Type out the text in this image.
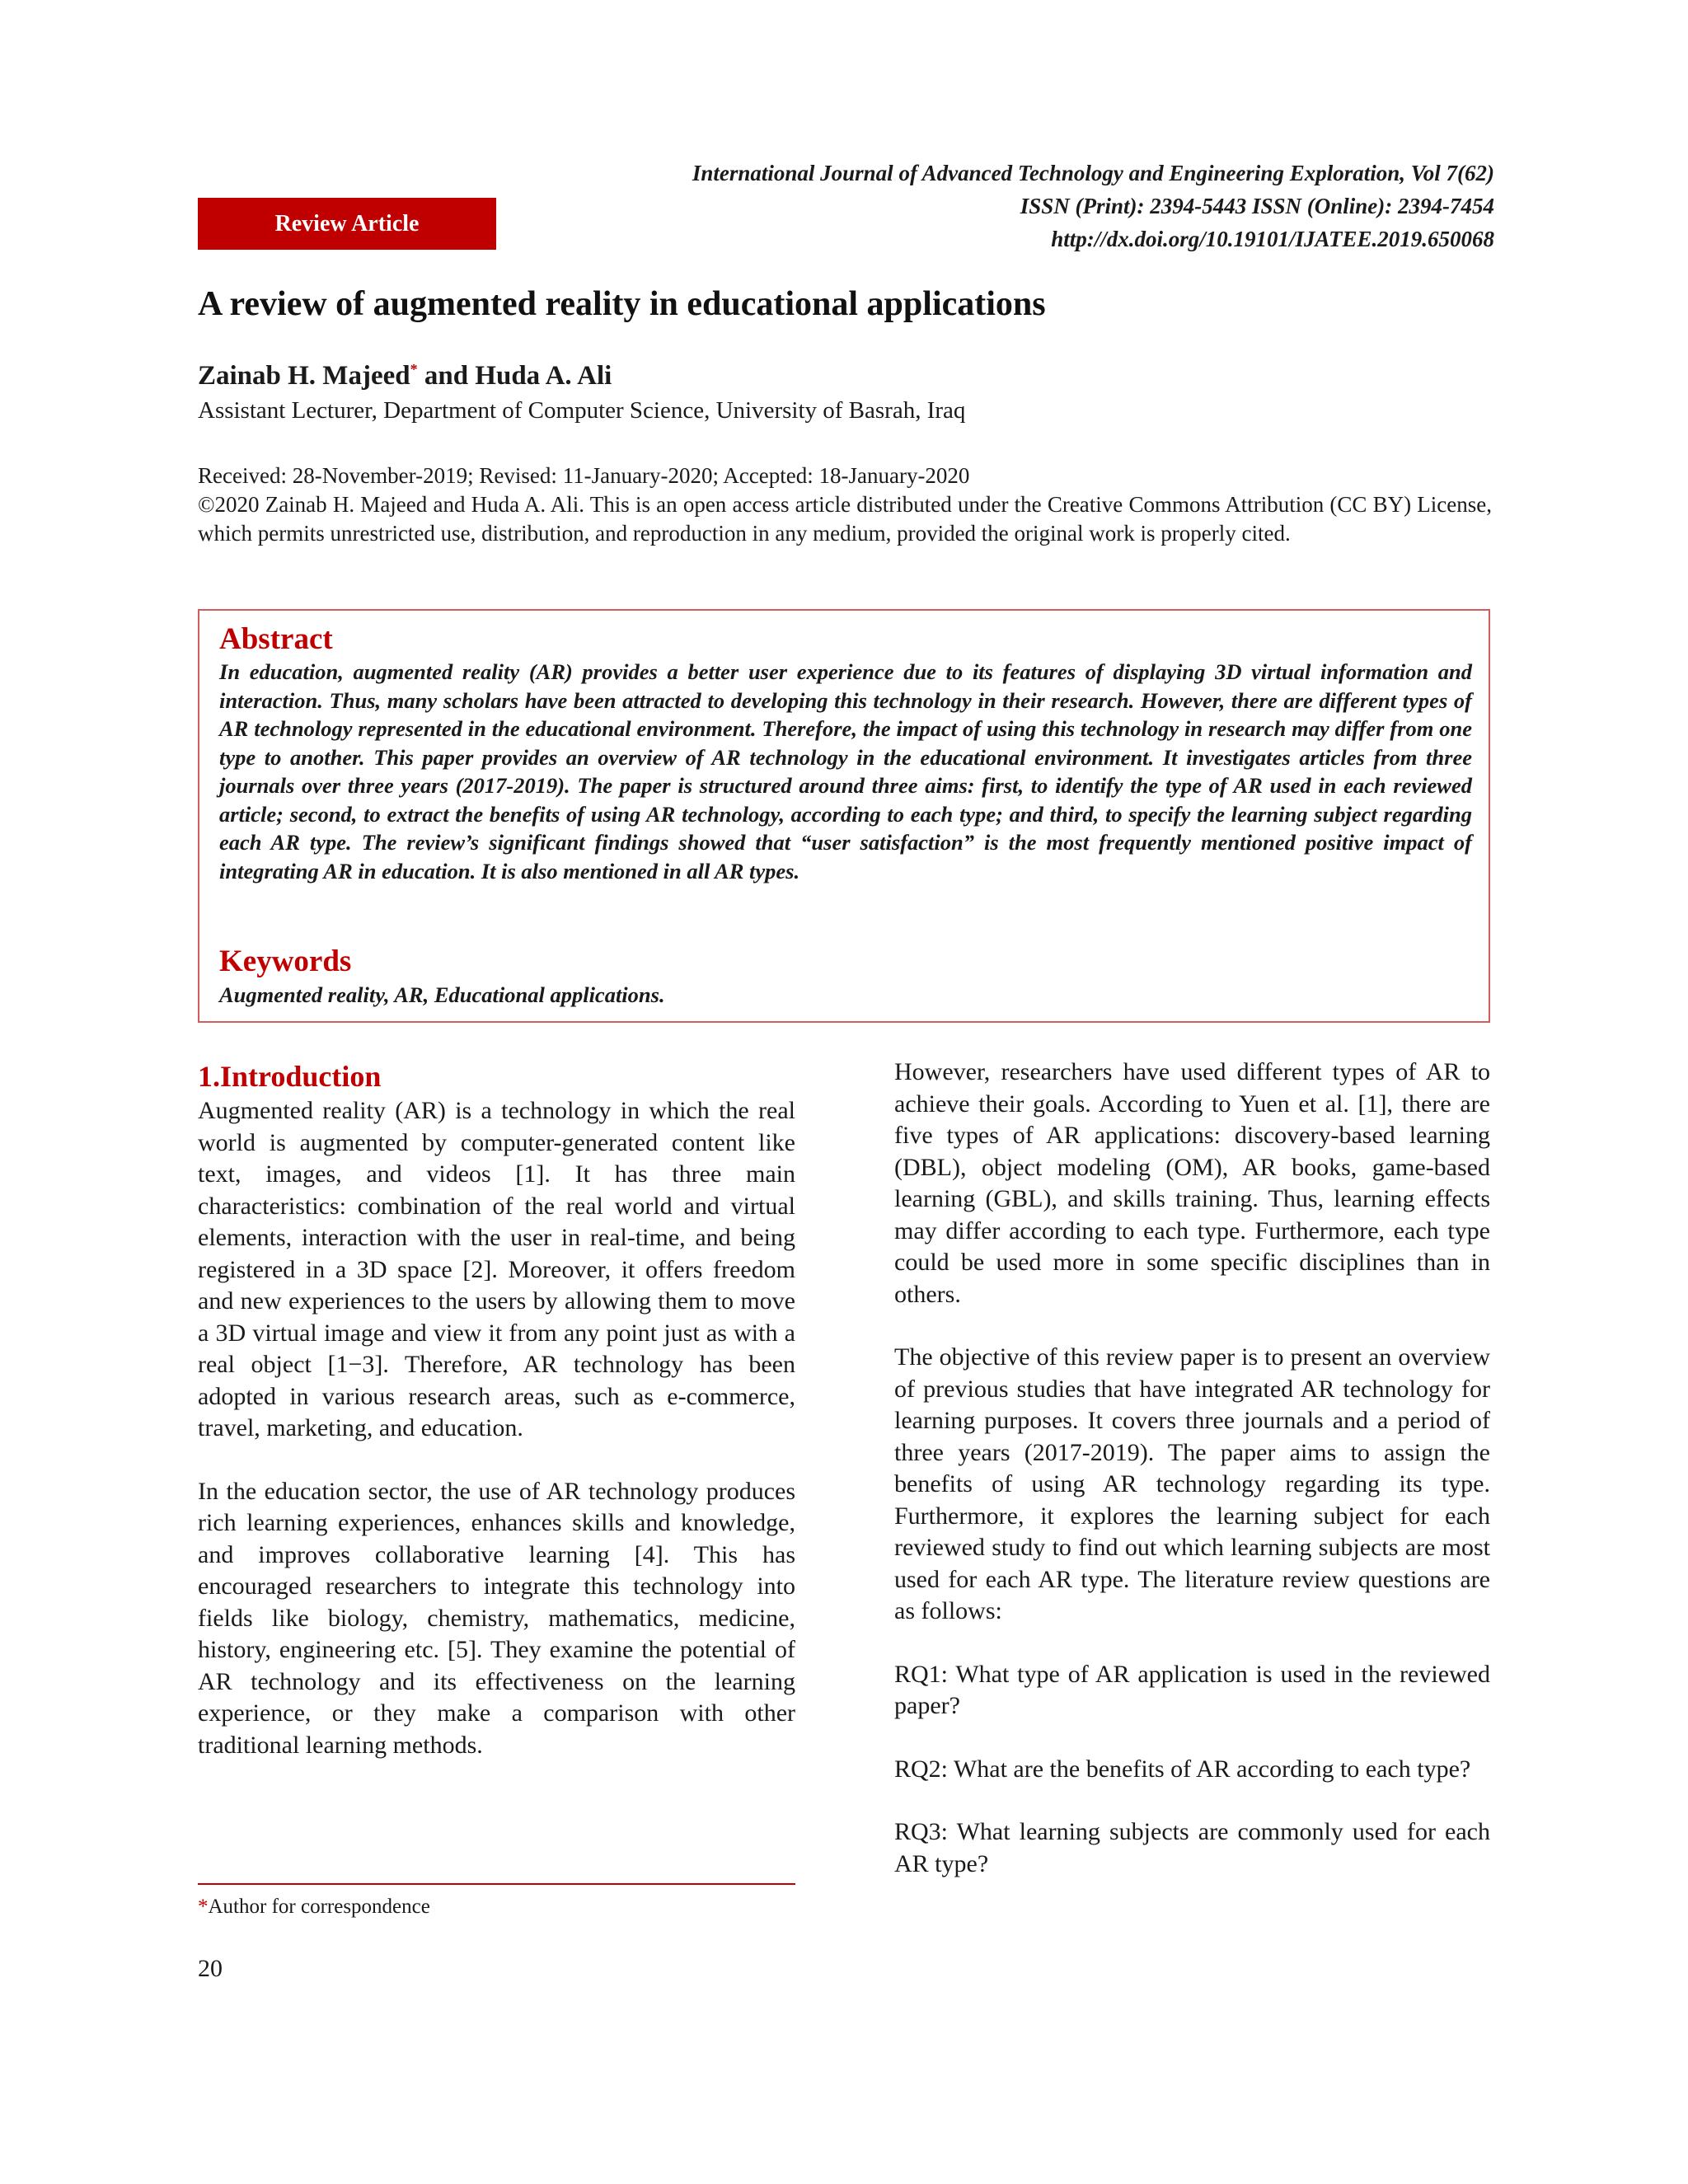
International Journal of Advanced Technology and Engineering Exploration, Vol 7(62)
ISSN (Print): 2394-5443 ISSN (Online): 2394-7454
http://dx.doi.org/10.19101/IJATEE.2019.650068
Review Article
A review of augmented reality in educational applications
Zainab H. Majeed* and Huda A. Ali
Assistant Lecturer, Department of Computer Science, University of Basrah, Iraq
Received: 28-November-2019; Revised: 11-January-2020; Accepted: 18-January-2020
©2020 Zainab H. Majeed and Huda A. Ali. This is an open access article distributed under the Creative Commons Attribution (CC BY) License, which permits unrestricted use, distribution, and reproduction in any medium, provided the original work is properly cited.
Abstract
In education, augmented reality (AR) provides a better user experience due to its features of displaying 3D virtual information and interaction. Thus, many scholars have been attracted to developing this technology in their research. However, there are different types of AR technology represented in the educational environment. Therefore, the impact of using this technology in research may differ from one type to another. This paper provides an overview of AR technology in the educational environment. It investigates articles from three journals over three years (2017-2019). The paper is structured around three aims: first, to identify the type of AR used in each reviewed article; second, to extract the benefits of using AR technology, according to each type; and third, to specify the learning subject regarding each AR type. The review’s significant findings showed that “user satisfaction” is the most frequently mentioned positive impact of integrating AR in education. It is also mentioned in all AR types.
Keywords
Augmented reality, AR, Educational applications.
1.Introduction

Augmented reality (AR) is a technology in which the real world is augmented by computer-generated content like text, images, and videos [1]. It has three main characteristics: combination of the real world and virtual elements, interaction with the user in real-time, and being registered in a 3D space [2]. Moreover, it offers freedom and new experiences to the users by allowing them to move a 3D virtual image and view it from any point just as with a real object [1−3]. Therefore, AR technology has been adopted in various research areas, such as e-commerce, travel, marketing, and education.

In the education sector, the use of AR technology produces rich learning experiences, enhances skills and knowledge, and improves collaborative learning [4]. This has encouraged researchers to integrate this technology into fields like biology, chemistry, mathematics, medicine, history, engineering etc. [5]. They examine the potential of AR technology and its effectiveness on the learning experience, or they make a comparison with other traditional learning methods.

However, researchers have used different types of AR to achieve their goals. According to Yuen et al. [1], there are five types of AR applications: discovery-based learning (DBL), object modeling (OM), AR books, game-based learning (GBL), and skills training. Thus, learning effects may differ according to each type. Furthermore, each type could be used more in some specific disciplines than in others.

The objective of this review paper is to present an overview of previous studies that have integrated AR technology for learning purposes. It covers three journals and a period of three years (2017-2019). The paper aims to assign the benefits of using AR technology regarding its type. Furthermore, it explores the learning subject for each reviewed study to find out which learning subjects are most used for each AR type. The literature review questions are as follows:

RQ1: What type of AR application is used in the reviewed paper?

RQ2: What are the benefits of AR according to each type?

RQ3: What learning subjects are commonly used for each AR type?

*Author for correspondence
20
